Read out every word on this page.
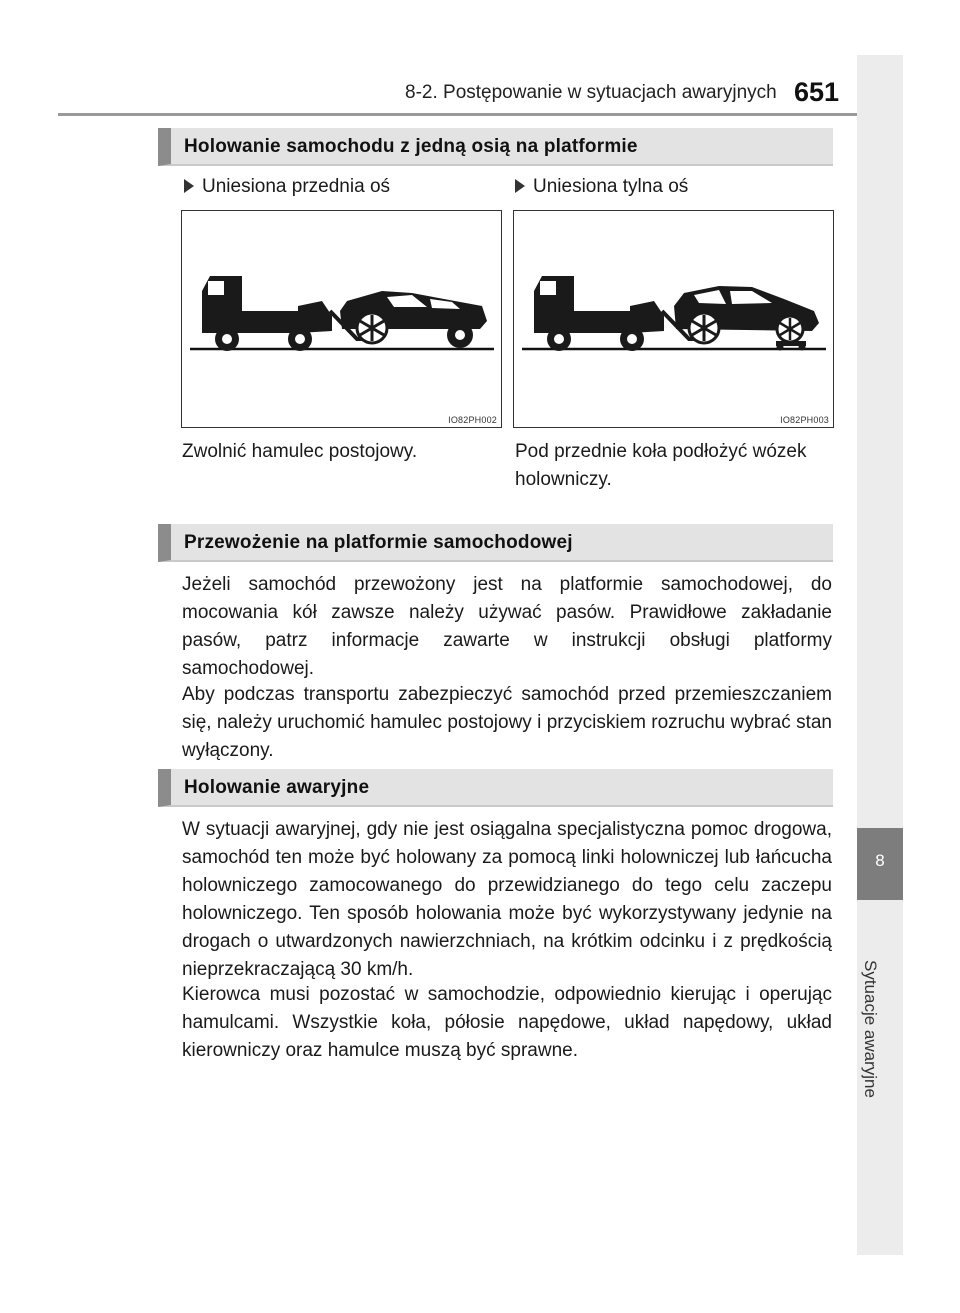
8-2. Postępowanie w sytuacjach awaryjnych 651
8
Sytuacje awaryjne
Holowanie samochodu z jedną osią na platformie
Uniesiona przednia oś	Uniesiona tylna oś
IO82PH002	IO82PH003
Zwolnić hamulec postojowy.	Pod przednie koła podłożyć wózek holowniczy.
Przewożenie na platformie samochodowej
Jeżeli samochód przewożony jest na platformie samochodowej, do mocowania kół zawsze należy używać pasów. Prawidłowe zakładanie pasów, patrz informacje zawarte w instrukcji obsługi platformy samochodowej.
Aby podczas transportu zabezpieczyć samochód przed przemieszczaniem się, należy uruchomić hamulec postojowy i przyciskiem rozruchu wybrać stan wyłączony.
Holowanie awaryjne
W sytuacji awaryjnej, gdy nie jest osiągalna specjalistyczna pomoc drogowa, samochód ten może być holowany za pomocą linki holowniczej lub łańcucha holowniczego zamocowanego do przewidzianego do tego celu zaczepu holowniczego. Ten sposób holowania może być wykorzystywany jedynie na drogach o utwardzonych nawierzchniach, na krótkim odcinku i z prędkością nieprzekraczającą 30 km/h.
Kierowca musi pozostać w samochodzie, odpowiednio kierując i operując hamulcami. Wszystkie koła, półosie napędowe, układ napędowy, układ kierowniczy oraz hamulce muszą być sprawne.
